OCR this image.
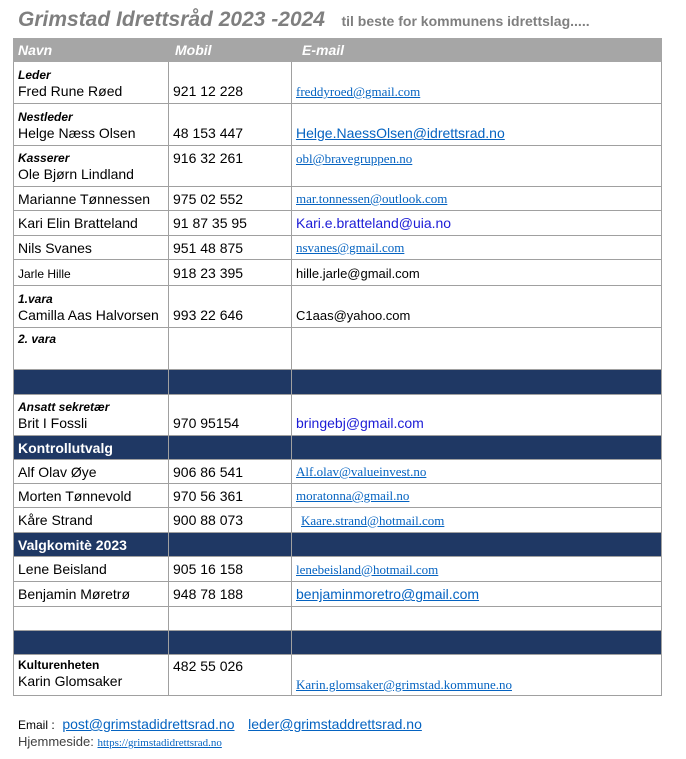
Grimstad Idrettsråd 2023 -2024 til beste for kommunens idrettslag.....
Navn	Mobil	E-mail

Leder
Fred Rune Røed	921 12 228	freddyroed@gmail.com

Nestleder
Helge Næss Olsen	48 153 447	Helge.NaessOlsen@idrettsrad.no

Kasserer
Ole Bjørn Lindland	916 32 261	obl@bravegruppen.no
Marianne Tønnessen	975 02 552	mar.tonnessen@outlook.com
Kari Elin Bratteland	91 87 35 95	Kari.e.bratteland@uia.no
Nils Svanes	951 48 875	nsvanes@gmail.com
Jarle Hille	918 23 395	hille.jarle@gmail.com

1.vara
Camilla Aas Halvorsen	993 22 646	C1aas@yahoo.com

2. vara		

Ansatt sekretær
Brit I Fossli	970 95154	bringebj@gmail.com

Kontrollutvalg		
Alf Olav Øye	906 86 541	Alf.olav@valueinvest.no
Morten Tønnevold	970 56 361	moratonna@gmail.no
Kåre Strand	900 88 073	Kaare.strand@hotmail.com
Valgkomitè 2023		
Lene Beisland	905 16 158	lenebeisland@hotmail.com
Benjamin Møretrø	948 78 188	benjaminmoretro@gmail.com

Kulturenheten
Karin Glomsaker	482 55 026	Karin.glomsaker@grimstad.kommune.no
Email : post@grimstadidrettsrad.no leder@grimstaddrettsrad.no
Hjemmeside: https://grimstadidrettsrad.no
